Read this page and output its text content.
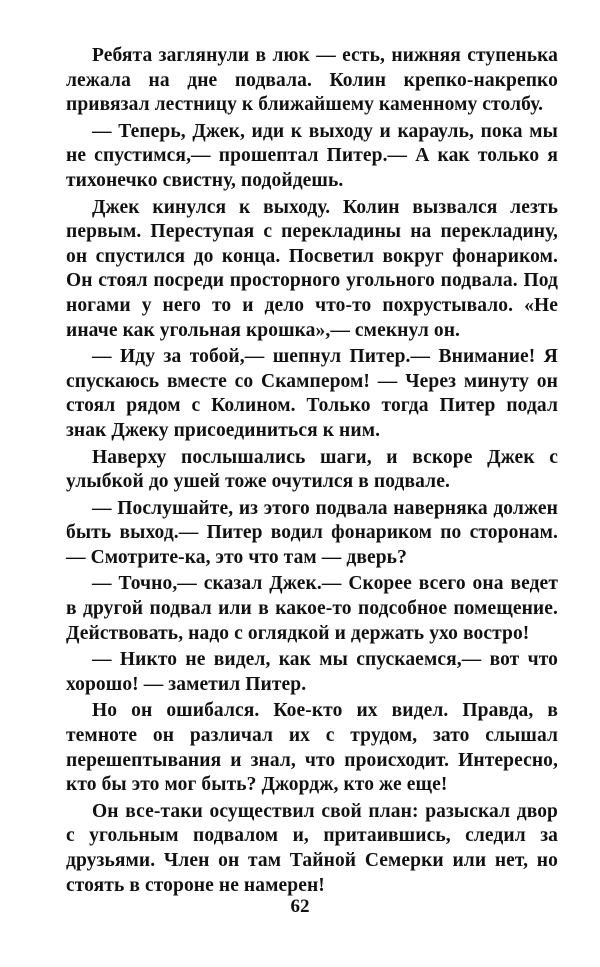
Ребята заглянули в люк — есть, нижняя ступенька лежала на дне подвала. Колин крепко-накрепко привязал лестницу к ближайшему каменному столбу.

— Теперь, Джек, иди к выходу и карауль, пока мы не спустимся,— прошептал Питер.— А как только я тихонечко свистну, подойдешь.

Джек кинулся к выходу. Колин вызвался лезть первым. Переступая с перекладины на перекладину, он спустился до конца. Посветил вокруг фонариком. Он стоял посреди просторного угольного подвала. Под ногами у него то и дело что-то похрустывало. «Не иначе как угольная крошка»,— смекнул он.

— Иду за тобой,— шепнул Питер.— Внимание! Я спускаюсь вместе со Скампером! — Через минуту он стоял рядом с Колином. Только тогда Питер подал знак Джеку присоединиться к ним.

Наверху послышались шаги, и вскоре Джек с улыбкой до ушей тоже очутился в подвале.

— Послушайте, из этого подвала наверняка должен быть выход.— Питер водил фонариком по сторонам.— Смотрите-ка, это что там — дверь?

— Точно,— сказал Джек.— Скорее всего она ведет в другой подвал или в какое-то подсобное помещение. Действовать, надо с оглядкой и держать ухо востро!

— Никто не видел, как мы спускаемся,— вот что хорошо! — заметил Питер.

Но он ошибался. Кое-кто их видел. Правда, в темноте он различал их с трудом, зато слышал перешептывания и знал, что происходит. Интересно, кто бы это мог быть? Джордж, кто же еще!

Он все-таки осуществил свой план: разыскал двор с угольным подвалом и, притаившись, следил за друзьями. Член он там Тайной Семерки или нет, но стоять в стороне не намерен!

62
